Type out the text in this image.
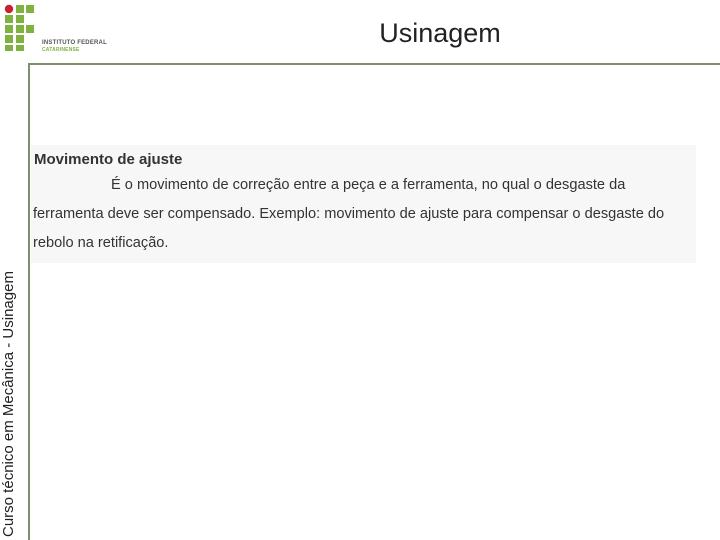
INSTITUTO FEDERAL
CATARINENSE
Usinagem
Curso técnico em Mecânica - Usinagem
Movimento de ajuste

É o movimento de correção entre a peça e a ferramenta, no qual o desgaste da ferramenta deve ser compensado. Exemplo: movimento de ajuste para compensar o desgaste do rebolo na retificação.
